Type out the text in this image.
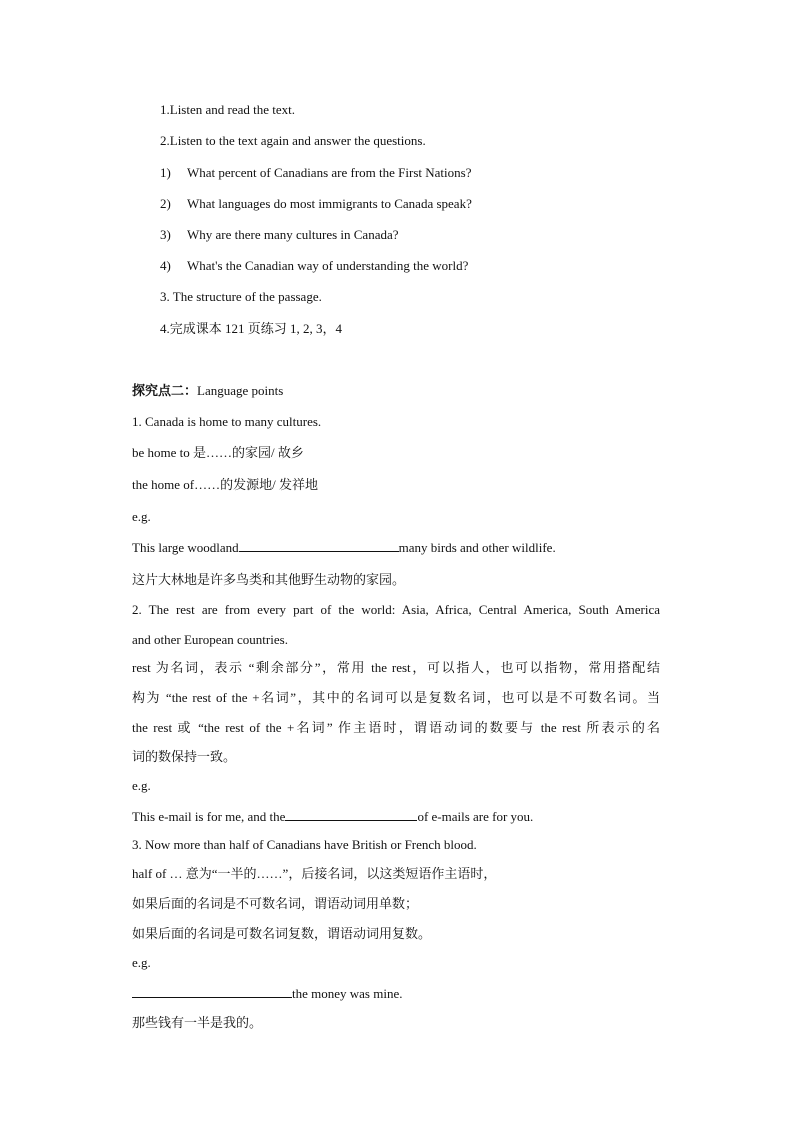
1.Listen and read the text.
2.Listen to the text again and answer the questions.
1) What percent of Canadians are from the First Nations?
2) What languages do most immigrants to Canada speak?
3) Why are there many cultures in Canada?
4) What's the Canadian way of understanding the world?
3. The structure of the passage.
4.完成课本 121 页练习 1, 2, 3，4
探究点二：Language points
1. Canada is home to many cultures.
be home to 是……的家园/ 故乡
the home of……的发源地/ 发祥地
e.g.
This large woodland	many birds and other wildlife.
这片大林地是许多鸟类和其他野生动物的家园。
2. The rest are from every part of the world: Asia, Africa, Central America, South America
and other European countries.
rest 为名词，表示 “剩余部分”，常用 the rest，可以指人，也可以指物，常用搭配结
构为 “the rest of the +名词”，其中的名词可以是复数名词，也可以是不可数名词。当
the rest 或 “the rest of the +名词” 作主语时，谓语动词的数要与 the rest 所表示的名
词的数保持一致。
e.g.
This e-mail is for me, and the	of e-mails are for you.
3. Now more than half of Canadians have British or French blood.
half of … 意为“一半的……”，后接名词，以这类短语作主语时，
如果后面的名词是不可数名词，谓语动词用单数；
如果后面的名词是可数名词复数，谓语动词用复数。
e.g.
the money was mine.
那些钱有一半是我的。
